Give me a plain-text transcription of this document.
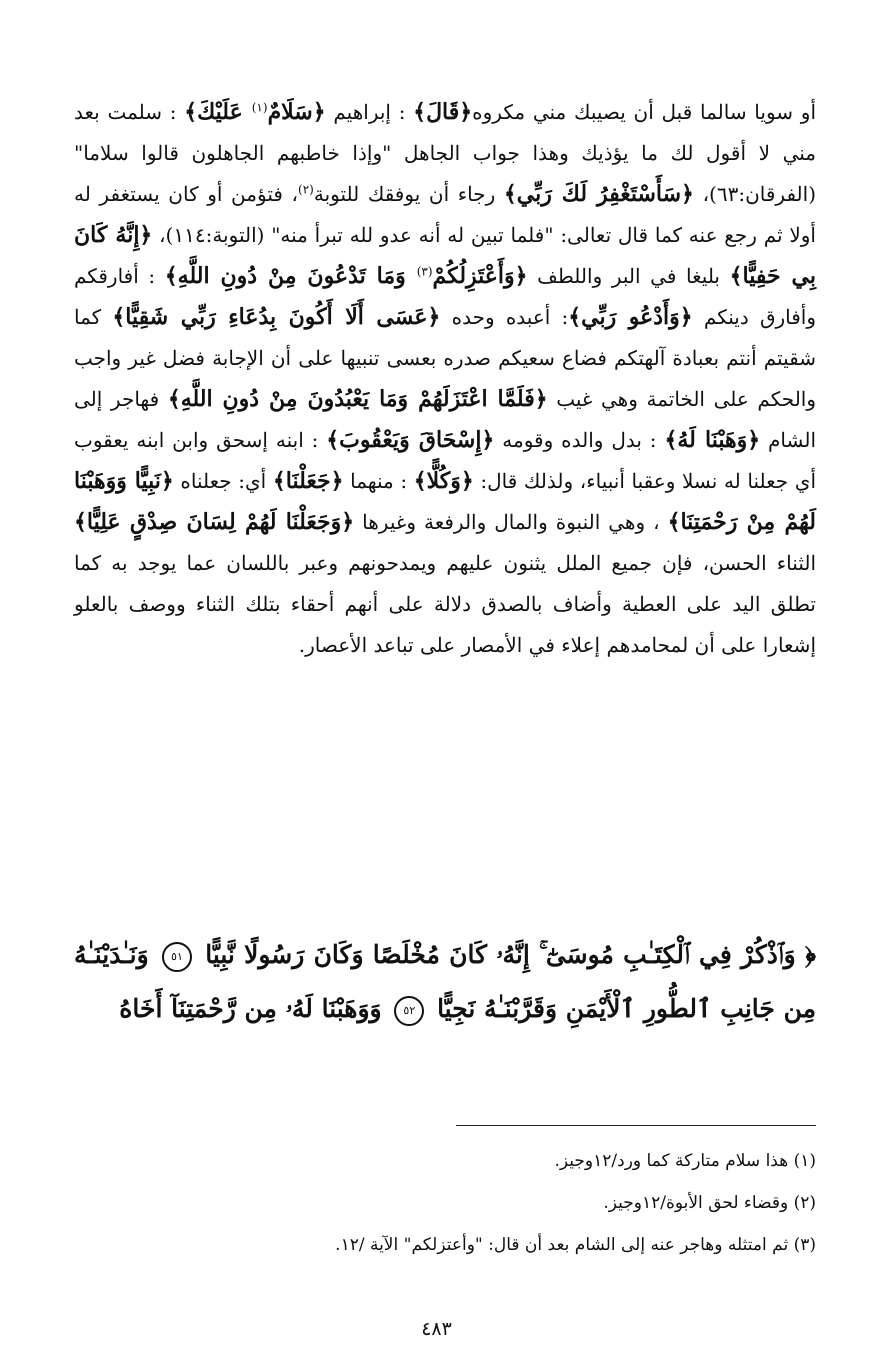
أو سويا سالما قبل أن يصيبك مني مكروه﴿قَالَ﴾ : إبراهيم ﴿سَلَامٌ$^{(١)}$ عَلَيْكَ﴾ : سلمت بعد مني لا أقول لك ما يؤذيك وهذا جواب الجاهل "وإذا خاطبهم الجاهلون قالوا سلاما" (الفرقان:٦٣)، ﴿سَأَسْتَغْفِرُ لَكَ رَبِّي﴾ رجاء أن يوفقك للتوبة$^{(٢)}$، فتؤمن أو كان يستغفر له أولا ثم رجع عنه كما قال تعالى: "فلما تبين له أنه عدو لله تبرأ منه" (التوبة:١١٤)، ﴿إِنَّهُ كَانَ بِي حَفِيًّا﴾ بليغا في البر واللطف ﴿وَأَعْتَزِلُكُمْ$^{(٣)}$ وَمَا تَدْعُونَ مِنْ دُونِ اللَّهِ﴾ : أفارقكم وأفارق دينكم ﴿وَأَدْعُو رَبِّي﴾: أعبده وحده ﴿عَسَى أَلَا أَكُونَ بِدُعَاءِ رَبِّي شَقِيًّا﴾ كما شقيتم أنتم بعبادة آلهتكم فضاع سعيكم صدره بعسى تنبيها على أن الإجابة فضل غير واجب والحكم على الخاتمة وهي غيب ﴿فَلَمَّا اعْتَزَلَهُمْ وَمَا يَعْبُدُونَ مِنْ دُونِ اللَّهِ﴾ فهاجر إلى الشام ﴿وَهَبْنَا لَهُ﴾ : بدل والده وقومه ﴿إِسْحَاقَ وَيَعْقُوبَ﴾ : ابنه إسحق وابن ابنه يعقوب أي جعلنا له نسلا وعقبا أنبياء، ولذلك قال: ﴿وَكُلًّا﴾ : منهما ﴿جَعَلْنَا﴾ أي: جعلناه ﴿نَبِيًّا وَوَهَبْنَا لَهُمْ مِنْ رَحْمَتِنَا﴾ ، وهي النبوة والمال والرفعة وغيرها ﴿وَجَعَلْنَا لَهُمْ لِسَانَ صِدْقٍ عَلِيًّا﴾ الثناء الحسن، فإن جميع الملل يثنون عليهم ويمدحونهم وعبر باللسان عما يوجد به كما تطلق اليد على العطية وأضاف بالصدق دلالة على أنهم أحقاء بتلك الثناء ووصف بالعلو إشعارا على أن لمحامدهم إعلاء في الأمصار على تباعد الأعصار.

﴿ وَٱذْكُرْ فِي ٱلْكِتَـٰبِ مُوسَىٰٓ ۚ إِنَّهُۥ كَانَ مُخْلَصًا وَكَانَ رَسُولًا نَّبِيًّا ٥١ وَنَـٰدَيْنَـٰهُ مِن جَانِبِ ٱلطُّورِ ٱلْأَيْمَنِ وَقَرَّبْنَـٰهُ نَجِيًّا ٥٢ وَوَهَبْنَا لَهُۥ مِن رَّحْمَتِنَآ أَخَاهُ
(١) هذا سلام متاركة كما ورد/١٢وجيز.
(٢) وقضاء لحق الأبوة/١٢وجيز.
(٣) ثم امتثله وهاجر عنه إلى الشام بعد أن قال: "وأعتزلكم" الآية /١٢.
٤٨٣
